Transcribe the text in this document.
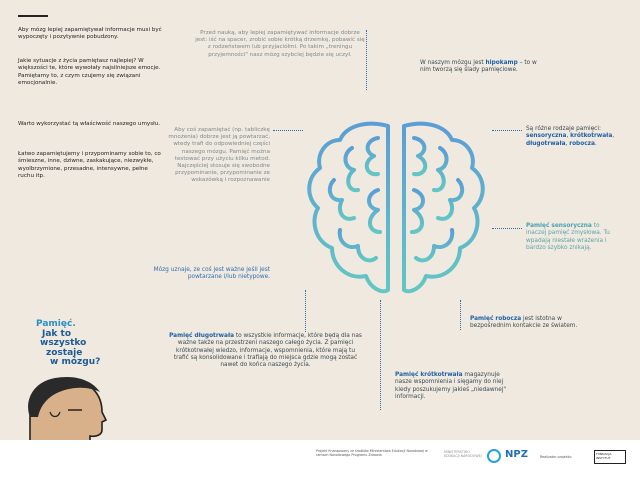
Aby mózg lepiej zapamiętywał informacje musi być wypoczęty i pozytywnie pobudzony.
Jakie sytuacje z życia pamiętasz najlepiej? W większości te, które wywołały najsilniejsze emocje. Pamiętamy to, z czym czujemy się związani emocjonalnie.
Warto wykorzystać tą właściwość naszego umysłu.
Łatwo zapamiętujemy i przypominamy sobie to, co śmieszne, inne, dziwne, zaskakujące, niezwykłe, wyolbrzymione, przesadne, intensywne, pełne ruchu itp.
Przed nauką, aby lepiej zapamiętywać informacje dobrze jest: iść na spacer, zrobić sobie krótką drzemkę, pobawić się z rodzeństwem lub przyjaciółmi. Po takim „treningu przyjemności" nasz mózg szybciej będzie się uczył.
W naszym mózgu jest hipokamp – to w nim tworzą się ślady pamięciowe.
Są różne rodzaje pamięci: sensoryczna, krótkotrwała, długotrwała, robocza.
Aby coś zapamiętać (np. tabliczkę mnożenia) dobrze jest ją powtarzać, wtedy trafi do odpowiedniej części naszego mózgu. Pamięć można testować przy użyciu kilku metod. Najczęściej stosuje się swobodne przypominanie, przypominanie ze wskazówką i rozpoznawanie
Pamięć sensoryczna to inaczej pamięć zmysłowa. Tu wpadają niestałe wrażenia i bardzo szybko znikają.
Mózg uznaje, ze coś jest ważne jeśli jest powtarzane i/lub nietypowe.
Pamięć robocza jest istotna w bezpośrednim kontakcie ze światem.
Pamięć.
Jak to
wszystko
zostaje
w mózgu?
Pamięć długotrwała to wszystkie informacje, które będą dla nas ważne także na przestrzeni naszego całego życia. Z pamięci krótkotrwałej wiedzo, informacje, wspomnienia, które mają tu trafić są konsolidowane i trafiają do miejsca gdzie mogą zostać nawet do końca naszego życia.
Pamięć krótkotrwała magazynuje nasze wspomnienia i sięgamy do niej kiedy poszukujemy jakieś „niedawnej" informacji.
Projekt finansowany ze środków Ministerstwa Edukacji Narodowej w ramach Narodowego Programu Zdrowia
MINISTERSTWO EDUKACJI NARODOWEJ NPZ	Realizator projektu:
FUNDACJA INSTYTUT
